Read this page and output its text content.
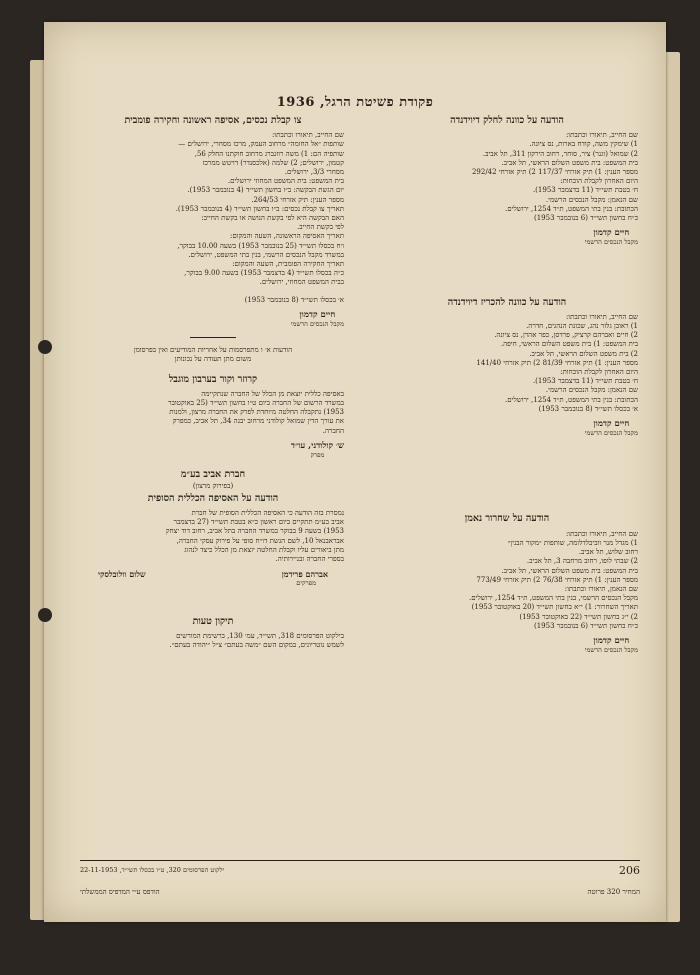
פקודת פשיטת הרגל, 1936
הודעה על כוונה לחלק דיוידנדה

שם החייב, תיאורו וכתבתו:

1) שימקין משה, קודח בארות, נס ציונה.

2) שמואל (וגנר) ציר, סוחר, רחוב הירקון 311, תל אביב.

בית המשפט: בית משפט השלום הראשי, תל אביב.

מספר הענין: 1) תיק אזרחי 117/37 2) תיק אזרחי 292/42

היום האחרון לקבלת הוכחות:

ח׳ בטבת תשי״ד (11 בדצמבר 1953).

שם הנאמן: מקבל הנכסים הרשמי.

הכתובת: בנין בתי המשפט, ת״ד 1254, ירושלים.

כ״ח בחשון תשי״ד (6 בנובמבר 1953)

חיים קדמון
מקבל הנכסים הרשמי
הודעה על כוונה להכריז דיוידנדה

שם החייב, תיאורו וכתבתו:

1) ראובן גלזר נהג, שכונת הנהגים, חדרה.

2) חיים ואברהם קרציק, פרדסן, כפר אהרן, נס ציונה.

בית המשפט: 1) בית משפט השלום הראשי, חיפה.

2) בית משפט השלום הראשי, תל אביב.

מספר הענין: 1) תיק אזרחי 81/39 2) תיק אזרחי 141/40

היום האחרון לקבלת הוכחות:

ח׳ בטבת תשי״ד (11 בדצמבר 1953).

שם הנאמן: מקבל הנכסים הרשמי.

הכתובת: בנין בתי המשפט, ת״ד 1254, ירושלים.

א׳ בכסלו תשי״ד (8 בנובמבר 1953)

חיים קדמון
מקבל הנכסים הרשמי
הודעה על שחרור נאמן

שם החייב, תיאורו וכתבתו:

1) מגדל מנר ווביבלדלומה, שותפות ״מקור הבנין״

רחוב שלוש, תל אביב.

2) שבתי לופו, רחוב מרחבה 3, תל אביב.

בית המשפט: בית משפט השלום הראשי, תל אביב.

מספר הענין: 1) תיק אזרחי 76/38 2) תיק אזרחי 773/49

שם הנאמן, תיאורו וכתבתו:

מקבל הנכסים הרשמי, בנין בתי המשפט, ת״ד 1254, ירושלים.

תאריך השחרור: 1) י״א בחשון תשי״ד (20 באוקטובר 1953)

2) י״ג בחשון תשי״ד (22 באוקטובר 1953)

כ״ח בחשון תשי״ד (6 בנובמבר 1953)

חיים קדמון
מקבל הנכסים הרשמי
צו קבלת נכסים, אסיפה ראשונה וחקירה פומבית

שם החייב, תיאורו וכתבתו:

שותפות ״אל החומה״ מרחוב העמק, מרכז מסחרי, ירושלים —

שותפיה הם: 1) משה רוזנברג מרחוב חוקתנו החלק 56,

קטמון, ירושלים; 2) שלמה (אלכסנדר) דויטש ממרכז

מסחרי 3/3, ירושלים.

בית המשפט: בית המשפט המחוזי ירושלים.

יום הגשת הבקשה: ב״ו בחשון תשי״ד (4 בנובמבר 1953).

מספר הענין: תיק אזרחי 264/53.

תאריך צו קבלת נכסים: ב״ו בחשון תשי״ד (4 בנובמבר 1953).

האם הבקשה היא לפי בקשת הנושה או בקשת החייב:

לפי בקשת החייב.

תאריך האסיפה הראשונה, השעה והמקום:

ו׳ח בכסלו תשי״ד (25 בנובמבר 1953) בשעה 10.00 בבוקר,

במשרד מקבל הנכסים הרשמי, בנין בתי המשפט, ירושלים.

תאריך החקירה הפומבית, השעה והמקום:

כ״ה בכסלו תשי״ד (4 בדצמבר 1953) בשעה 9.00 בבוקר,

בבית המשפט המחוזי, ירושלים.

א׳ בכסלו תשי״ד (8 בנובמבר 1953)

חיים קדמון
מקבל הנכסים הרשמי

הודעות א׳ ו מתפרסמות על אחריות המודיעים ואין בפרסומן

משום מתן תעודה על נכונותן

קרוזר וקור בערבון מוגבל

באסיפה כללית יוצאת מן הכלל של החברה שנתקיימה

במשרד הרשום של החברה ביום ט״ו בחשון תשי״ד (25 באוקטובר

1953) נתקבלה החלטה מיוחדת לפרק את החברה מרצון, ולמנות

את עורך הדין שמואל קולודני מרחוב יבנה 34, תל אביב, כמפרק

החברה.

ש׳ קולודני, עו״ד
מפרק
חברת אביב בע״מ
(בפירוק מרצון)
הודעה על האסיפה הכללית הסופית

נמסרת בזה הודעה כי האסיפה הכללית הסופית של חברת

אביב בע״מ תתקיים ביום ראשון כ״א בטבת תשי״ד (27 בדצמבר

1953) בשעה 9 בבוקר במשרד החברה בתל אביב, רחוב דוד יצחק

אבראבנאל 10, לשם הגשת דו״ח סופי על פירוק עסקי החברה,

מתן ביאורים עליו וקבלת החלטה יוצאת מן הכלל כיצד לנהוג

בספרי החברה ובניירותיה.

אברהם פרידמן
שלום וולובלסקי
מפרקים
תיקון טעות

בילקוט הפרסומים 318, תשי״ד, עמ׳ 130, ברשימת המורשים

לשמש נוטריונים, במקום השם ״משה בעתם״ צ״ל ״יהודה בעתם״.

206
ילקוט הפרסומים 320, ט״ו בכסלו תשי״ד, 22-11-1953
המחיר 320 פרוטה
הודפס ע״י המדפיס הממשלתי
